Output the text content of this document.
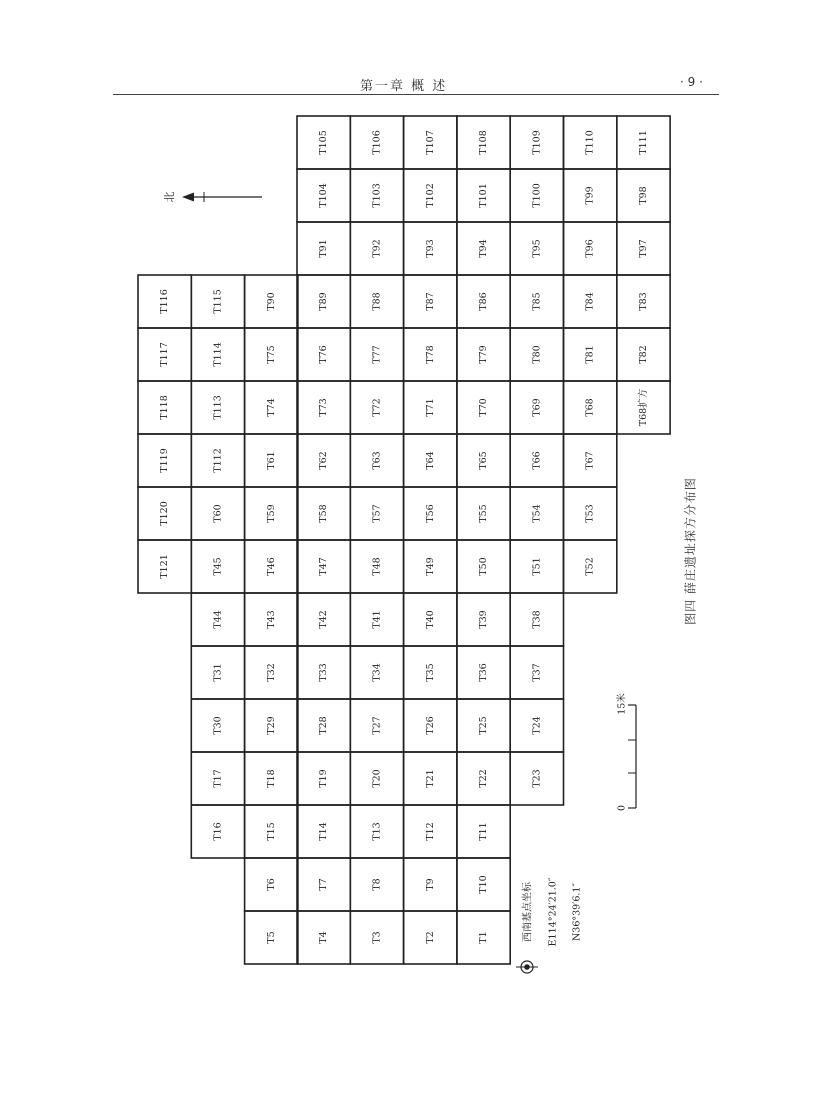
第一章 概 述	· 9 ·
T105
T104
T91
T89
T76
T73
T62
T58
T47
T42
T33
T28
T19
T14
T7
T4
T106
T103
T92
T88
T77
T72
T63
T57
T48
T41
T34
T27
T20
T13
T8
T3
T107
T102
T93
T87
T78
T71
T64
T56
T49
T40
T35
T26
T21
T12
T9
T2
T108
T101
T94
T86
T79
T70
T65
T55
T50
T39
T36
T25
T22
T11
T10
T1
T109
T100
T95
T85
T80
T69
T66
T54
T51
T38
T37
T24
T23
T110
T99
T96
T84
T81
T68
T67
T53
T52
T111
T98
T97
T83
T82
T68扩方
T116
T117
T118
T119
T120
T121
T115
T114
T113
T112
T60
T45
T44
T31
T30
T17
T16
T90
T75
T74
T61
T59
T46
T43
T32
T29
T18
T15
T6
T5
北
西南基点坐标 E114°24′21.0″ N36°39′6.1″
15米
0
图四 薛庄遗址探方分布图
